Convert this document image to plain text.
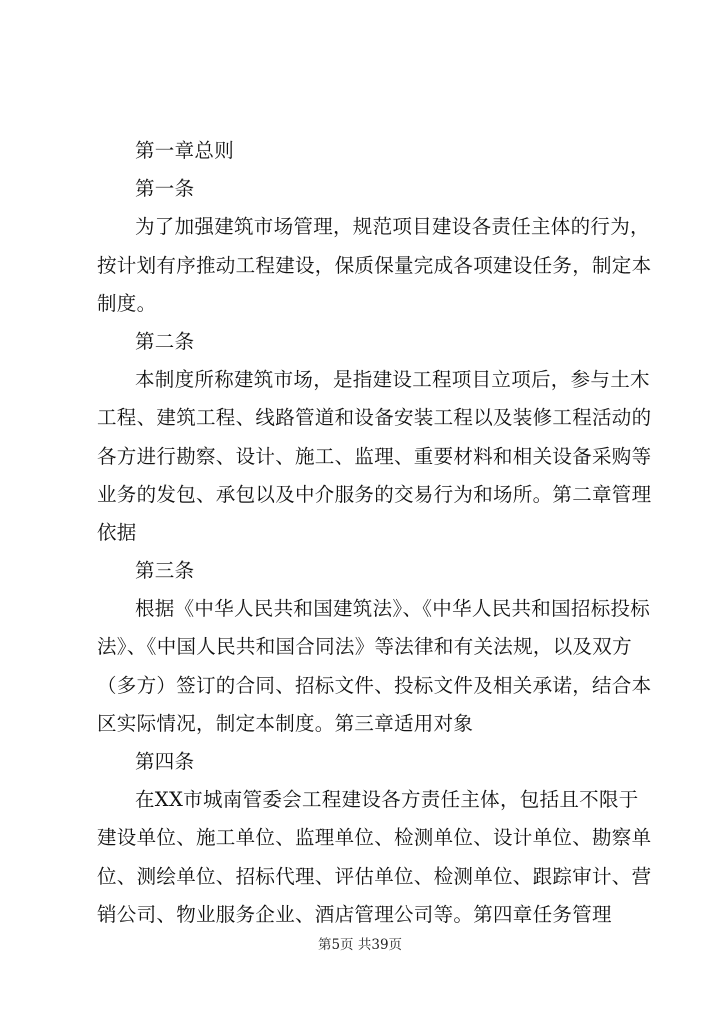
第一章总则
第一条
为了加强建筑市场管理，规范项目建设各责任主体的行为，
按计划有序推动工程建设，保质保量完成各项建设任务，制定本
制度。
第二条
本制度所称建筑市场，是指建设工程项目立项后，参与土木
工程、建筑工程、线路管道和设备安装工程以及装修工程活动的
各方进行勘察、设计、施工、监理、重要材料和相关设备采购等
业务的发包、承包以及中介服务的交易行为和场所。第二章管理
依据
第三条
根据《中华人民共和国建筑法》、《中华人民共和国招标投标
法》、《中国人民共和国合同法》等法律和有关法规，以及双方
（多方）签订的合同、招标文件、投标文件及相关承诺，结合本
区实际情况，制定本制度。第三章适用对象
第四条
在XX市城南管委会工程建设各方责任主体，包括且不限于
建设单位、施工单位、监理单位、检测单位、设计单位、勘察单
位、测绘单位、招标代理、评估单位、检测单位、跟踪审计、营
销公司、物业服务企业、酒店管理公司等。第四章任务管理
第5页 共39页
